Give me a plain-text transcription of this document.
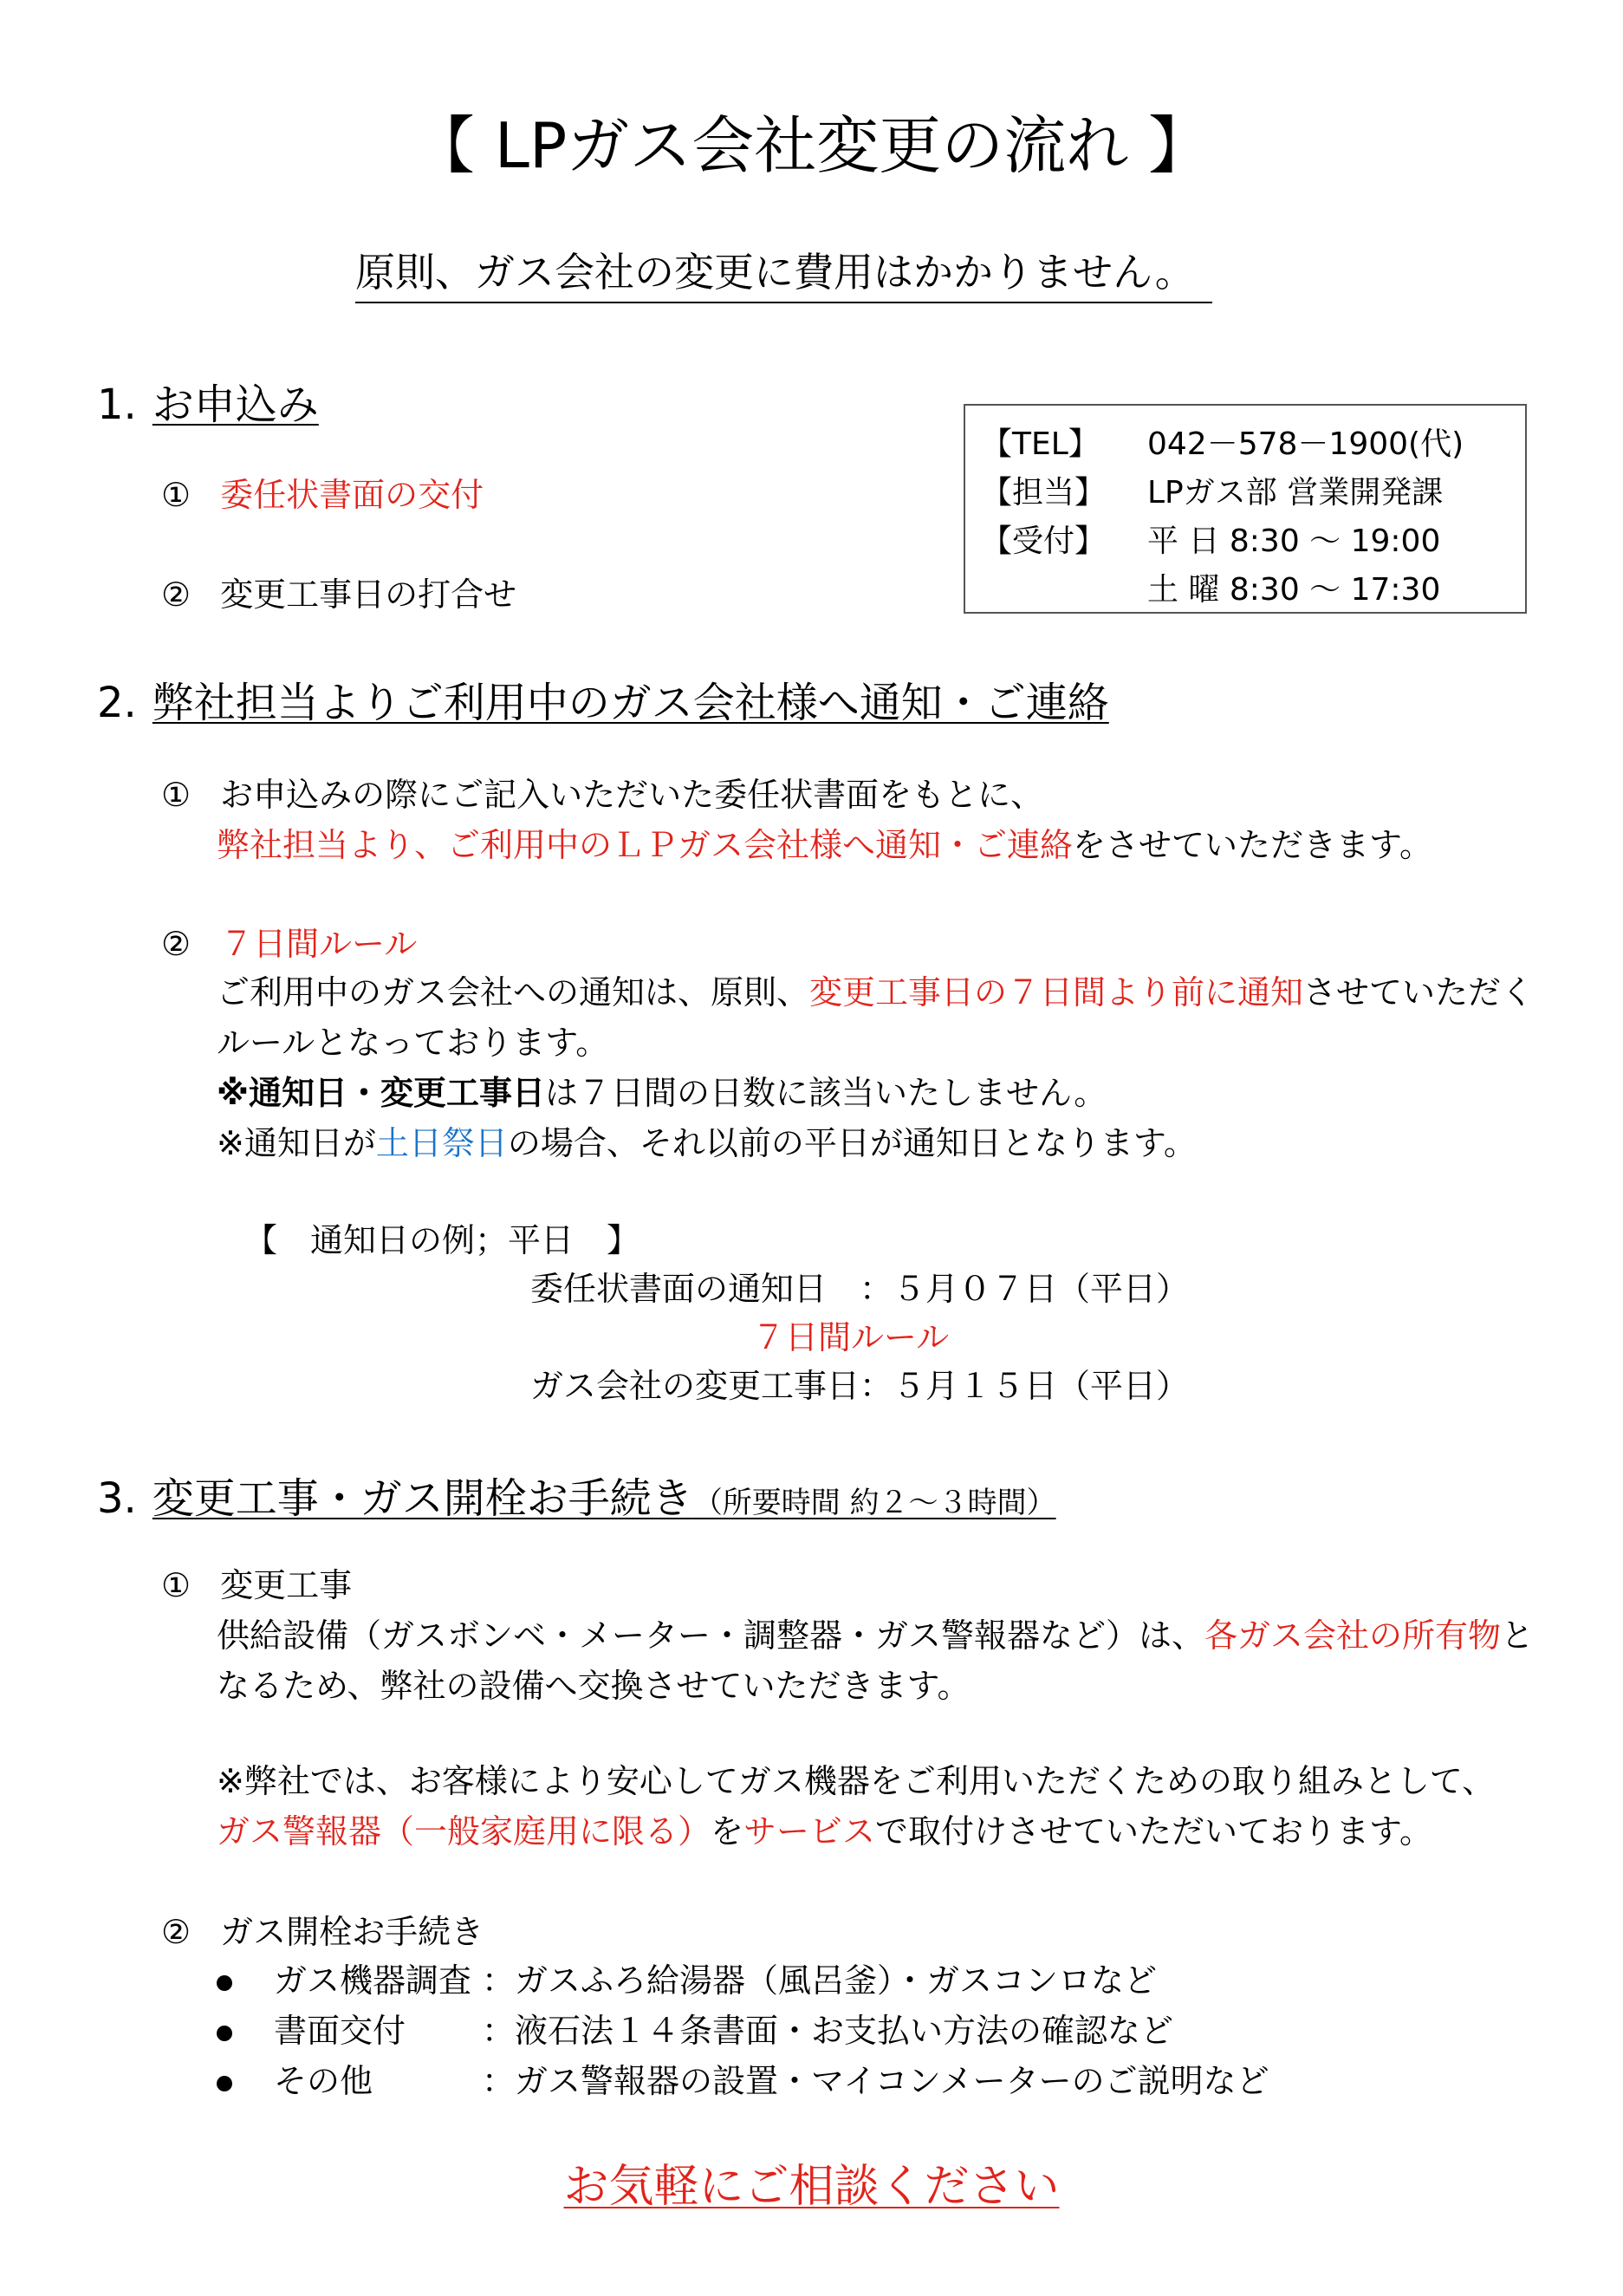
【 LPガス会社変更の流れ 】
原則、ガス会社の変更に費用はかかりません。
1. お申込み
① 委任状書面の交付
② 変更工事日の打合せ
【TEL】 042－578－1900(代)
【担当】 LPガス部 営業開発課
【受付】 平 日 8:30 ～ 19:00
土 曜 8:30 ～ 17:30
2. 弊社担当よりご利用中のガス会社様へ通知・ご連絡
① お申込みの際にご記入いただいた委任状書面をもとに、
弊社担当より、ご利用中のＬＰガス会社様へ通知・ご連絡をさせていただきます。
② ７日間ルール
ご利用中のガス会社への通知は、原則、変更工事日の７日間より前に通知させていただく
ルールとなっております。
※通知日・変更工事日は７日間の日数に該当いたしません。
※通知日が土日祭日の場合、それ以前の平日が通知日となります。
【　通知日の例；平日　】
委任状書面の通知日　：５月０７日（平日）
７日間ルール
ガス会社の変更工事日：５月１５日（平日）
3. 変更工事・ガス開栓お手続き（所要時間 約２～３時間）
① 変更工事
供給設備（ガスボンベ・メーター・調整器・ガス警報器など）は、各ガス会社の所有物と
なるため、弊社の設備へ交換させていただきます。
※弊社では、お客様により安心してガス機器をご利用いただくための取り組みとして、
ガス警報器（一般家庭用に限る）をサービスで取付けさせていただいております。
② ガス開栓お手続き
ガス機器調査 ：ガスふろ給湯器（風呂釜）・ガスコンロなど
書面交付 ：液石法１４条書面・お支払い方法の確認など
その他	：ガス警報器の設置・マイコンメーターのご説明など
お気軽にご相談ください
